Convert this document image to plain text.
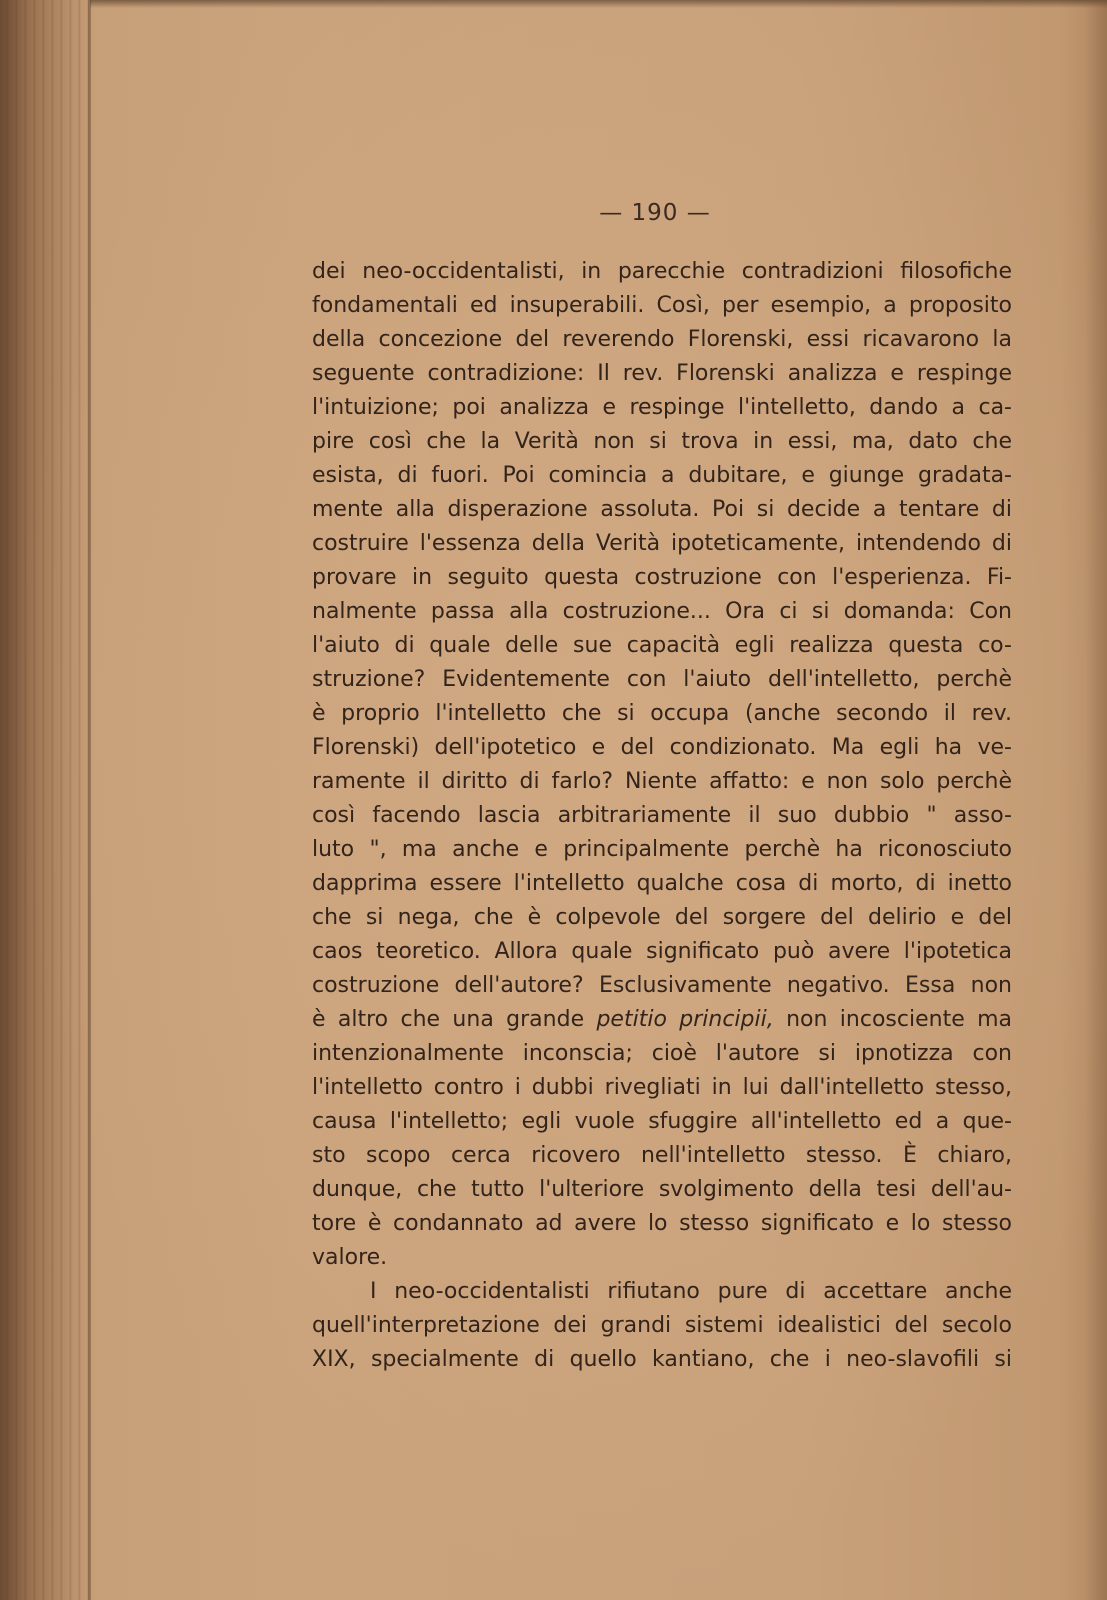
— 190 —
dei neo-occidentalisti, in parecchie contradizioni filosofiche
fondamentali ed insuperabili. Così, per esempio, a proposito
della concezione del reverendo Florenski, essi ricavarono la
seguente contradizione: Il rev. Florenski analizza e respinge
l'intuizione; poi analizza e respinge l'intelletto, dando a ca-
pire così che la Verità non si trova in essi, ma, dato che
esista, di fuori. Poi comincia a dubitare, e giunge gradata-
mente alla disperazione assoluta. Poi si decide a tentare di
costruire l'essenza della Verità ipoteticamente, intendendo di
provare in seguito questa costruzione con l'esperienza. Fi-
nalmente passa alla costruzione... Ora ci si domanda: Con
l'aiuto di quale delle sue capacità egli realizza questa co-
struzione? Evidentemente con l'aiuto dell'intelletto, perchè
è proprio l'intelletto che si occupa (anche secondo il rev.
Florenski) dell'ipotetico e del condizionato. Ma egli ha ve-
ramente il diritto di farlo? Niente affatto: e non solo perchè
così facendo lascia arbitrariamente il suo dubbio " asso-
luto ", ma anche e principalmente perchè ha riconosciuto
dapprima essere l'intelletto qualche cosa di morto, di inetto
che si nega, che è colpevole del sorgere del delirio e del
caos teoretico. Allora quale significato può avere l'ipotetica
costruzione dell'autore? Esclusivamente negativo. Essa non
è altro che una grande petitio principii, non incosciente ma
intenzionalmente inconscia; cioè l'autore si ipnotizza con
l'intelletto contro i dubbi rivegliati in lui dall'intelletto stesso,
causa l'intelletto; egli vuole sfuggire all'intelletto ed a que-
sto scopo cerca ricovero nell'intelletto stesso. È chiaro,
dunque, che tutto l'ulteriore svolgimento della tesi dell'au-
tore è condannato ad avere lo stesso significato e lo stesso
valore.
I neo-occidentalisti rifiutano pure di accettare anche
quell'interpretazione dei grandi sistemi idealistici del secolo
XIX, specialmente di quello kantiano, che i neo-slavofili si
